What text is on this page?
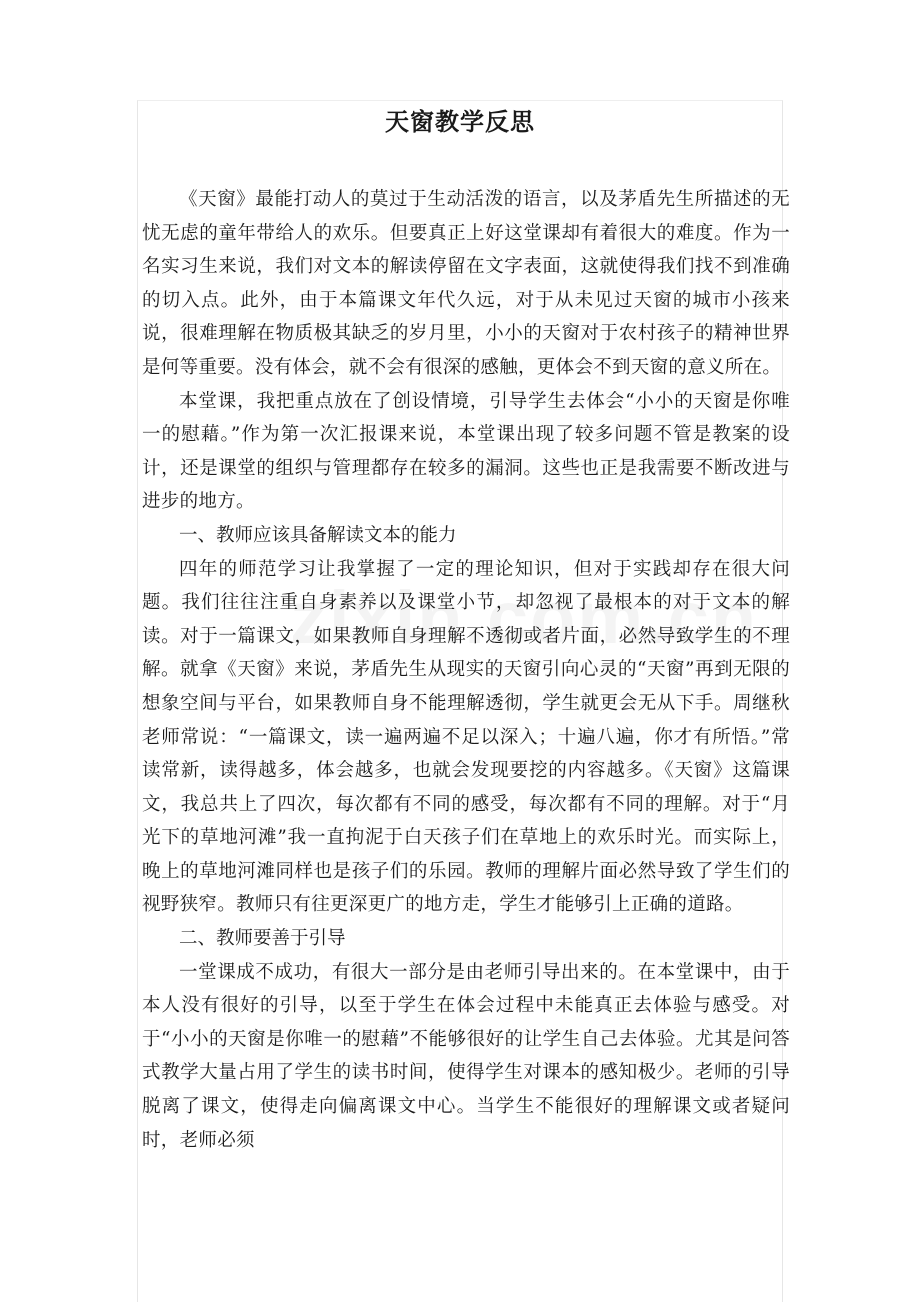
天窗教学反思

《天窗》最能打动人的莫过于生动活泼的语言，以及茅盾先生所描述的无忧无虑的童年带给人的欢乐。但要真正上好这堂课却有着很大的难度。作为一名实习生来说，我们对文本的解读停留在文字表面，这就使得我们找不到准确的切入点。此外，由于本篇课文年代久远，对于从未见过天窗的城市小孩来说，很难理解在物质极其缺乏的岁月里，小小的天窗对于农村孩子的精神世界是何等重要。没有体会，就不会有很深的感触，更体会不到天窗的意义所在。

本堂课，我把重点放在了创设情境，引导学生去体会“小小的天窗是你唯一的慰藉。”作为第一次汇报课来说，本堂课出现了较多问题不管是教案的设计，还是课堂的组织与管理都存在较多的漏洞。这些也正是我需要不断改进与进步的地方。

一、教师应该具备解读文本的能力

四年的师范学习让我掌握了一定的理论知识，但对于实践却存在很大问题。我们往往注重自身素养以及课堂小节，却忽视了最根本的对于文本的解读。对于一篇课文，如果教师自身理解不透彻或者片面，必然导致学生的不理解。就拿《天窗》来说，茅盾先生从现实的天窗引向心灵的“天窗”再到无限的想象空间与平台，如果教师自身不能理解透彻，学生就更会无从下手。周继秋老师常说：“一篇课文，读一遍两遍不足以深入；十遍八遍，你才有所悟。”常读常新，读得越多，体会越多，也就会发现要挖的内容越多。《天窗》这篇课文，我总共上了四次，每次都有不同的感受，每次都有不同的理解。对于“月光下的草地河滩”我一直拘泥于白天孩子们在草地上的欢乐时光。而实际上，晚上的草地河滩同样也是孩子们的乐园。教师的理解片面必然导致了学生们的视野狭窄。教师只有往更深更广的地方走，学生才能够引上正确的道路。

二、教师要善于引导

一堂课成不成功，有很大一部分是由老师引导出来的。在本堂课中，由于本人没有很好的引导，以至于学生在体会过程中未能真正去体验与感受。对于“小小的天窗是你唯一的慰藉”不能够很好的让学生自己去体验。尤其是问答式教学大量占用了学生的读书时间，使得学生对课本的感知极少。老师的引导脱离了课文，使得走向偏离课文中心。当学生不能很好的理解课文或者疑问时，老师必须
